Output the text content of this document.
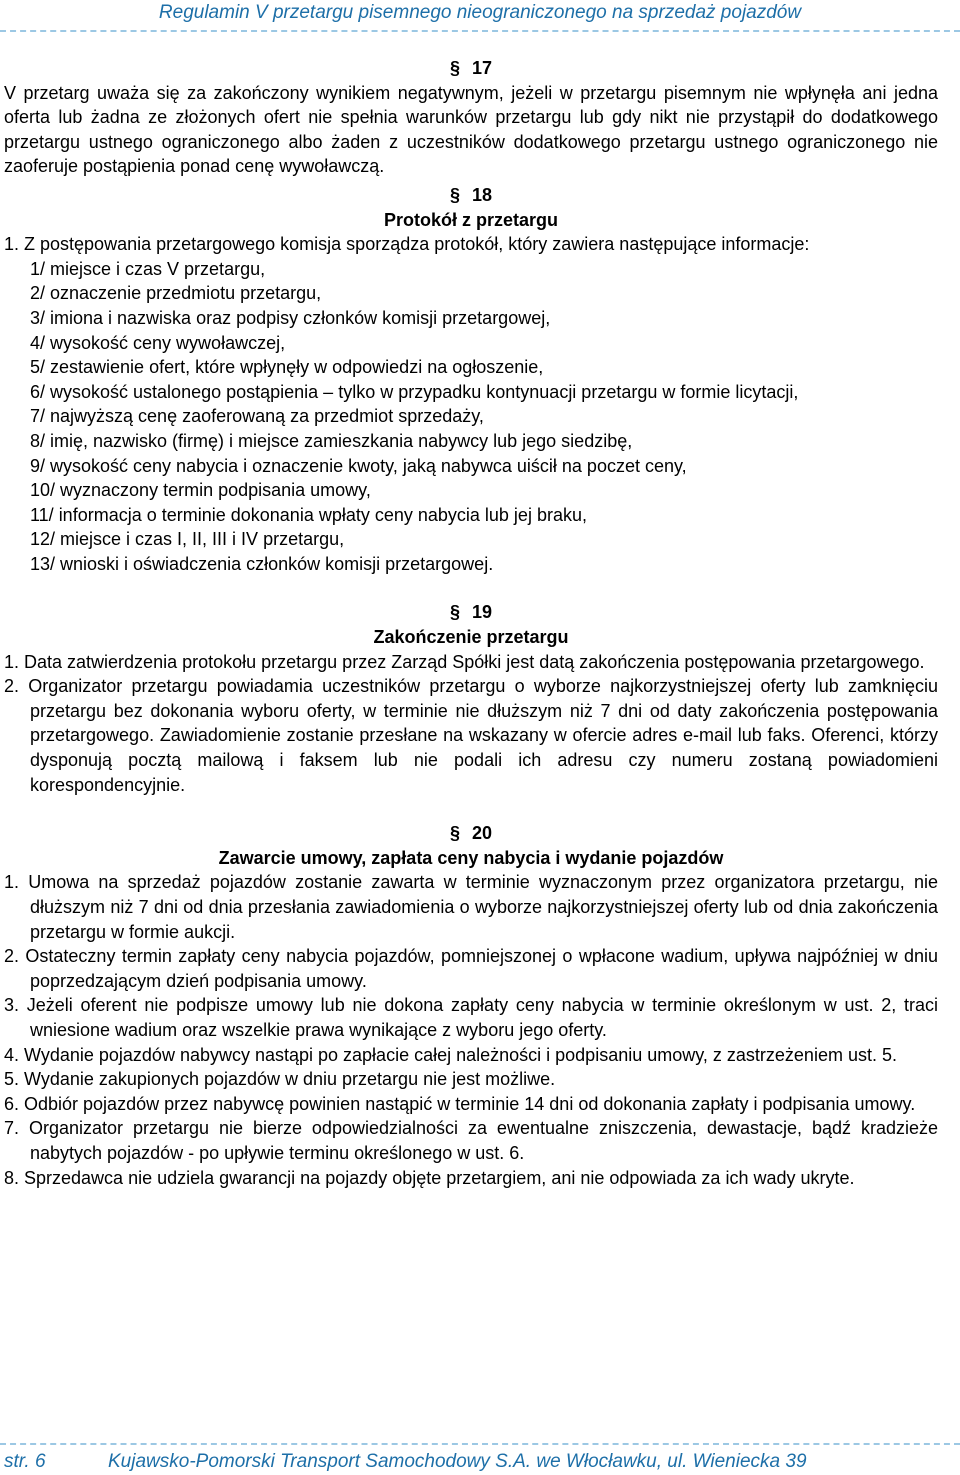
Regulamin V przetargu pisemnego nieograniczonego na sprzedaż pojazdów

§ 17

V przetarg uważa się za zakończony wynikiem negatywnym, jeżeli w przetargu pisemnym nie wpłynęła ani jedna oferta lub żadna ze złożonych ofert nie spełnia warunków przetargu lub gdy nikt nie przystąpił do dodatkowego przetargu ustnego ograniczonego albo żaden z uczestników dodatkowego przetargu ustnego ograniczonego nie zaoferuje postąpienia ponad cenę wywoławczą.

§ 18

Protokół z przetargu

1. Z postępowania przetargowego komisja sporządza protokół, który zawiera następujące informacje:

1/ miejsce i czas V przetargu,

2/ oznaczenie przedmiotu przetargu,

3/ imiona i nazwiska oraz podpisy członków komisji przetargowej,

4/ wysokość ceny wywoławczej,

5/ zestawienie ofert, które wpłynęły w odpowiedzi na ogłoszenie,

6/ wysokość ustalonego postąpienia – tylko w przypadku kontynuacji przetargu w formie licytacji,

7/ najwyższą cenę zaoferowaną za przedmiot sprzedaży,

8/ imię, nazwisko (firmę) i miejsce zamieszkania nabywcy lub jego siedzibę,

9/ wysokość ceny nabycia i oznaczenie kwoty, jaką nabywca uiścił na poczet ceny,

10/ wyznaczony termin podpisania umowy,

11/ informacja o terminie dokonania wpłaty ceny nabycia lub jej braku,

12/ miejsce i czas I, II, III i IV przetargu,

13/ wnioski i oświadczenia członków komisji przetargowej.

§ 19

Zakończenie przetargu

1. Data zatwierdzenia protokołu przetargu przez Zarząd Spółki jest datą zakończenia postępowania przetargowego.

2. Organizator przetargu powiadamia uczestników przetargu o wyborze najkorzystniejszej oferty lub zamknięciu przetargu bez dokonania wyboru oferty, w terminie nie dłuższym niż 7 dni od daty zakończenia postępowania przetargowego. Zawiadomienie zostanie przesłane na wskazany w ofercie adres e-mail lub faks. Oferenci, którzy dysponują pocztą mailową i faksem lub nie podali ich adresu czy numeru zostaną powiadomieni korespondencyjnie.

§ 20

Zawarcie umowy, zapłata ceny nabycia i wydanie pojazdów

1. Umowa na sprzedaż pojazdów zostanie zawarta w terminie wyznaczonym przez organizatora przetargu, nie dłuższym niż 7 dni od dnia przesłania zawiadomienia o wyborze najkorzystniejszej oferty lub od dnia zakończenia przetargu w formie aukcji.

2. Ostateczny termin zapłaty ceny nabycia pojazdów, pomniejszonej o wpłacone wadium, upływa najpóźniej w dniu poprzedzającym dzień podpisania umowy.

3. Jeżeli oferent nie podpisze umowy lub nie dokona zapłaty ceny nabycia w terminie określonym w ust. 2, traci wniesione wadium oraz wszelkie prawa wynikające z wyboru jego oferty.

4. Wydanie pojazdów nabywcy nastąpi po zapłacie całej należności i podpisaniu umowy, z zastrzeżeniem ust. 5.

5. Wydanie zakupionych pojazdów w dniu przetargu nie jest możliwe.

6. Odbiór pojazdów przez nabywcę powinien nastąpić w terminie 14 dni od dokonania zapłaty i podpisania umowy.

7. Organizator przetargu nie bierze odpowiedzialności za ewentualne zniszczenia, dewastacje, bądź kradzieże nabytych pojazdów - po upływie terminu określonego w ust. 6.

8. Sprzedawca nie udziela gwarancji na pojazdy objęte przetargiem, ani nie odpowiada za ich wady ukryte.

str. 6	Kujawsko-Pomorski Transport Samochodowy S.A. we Włocławku, ul. Wieniecka 39
